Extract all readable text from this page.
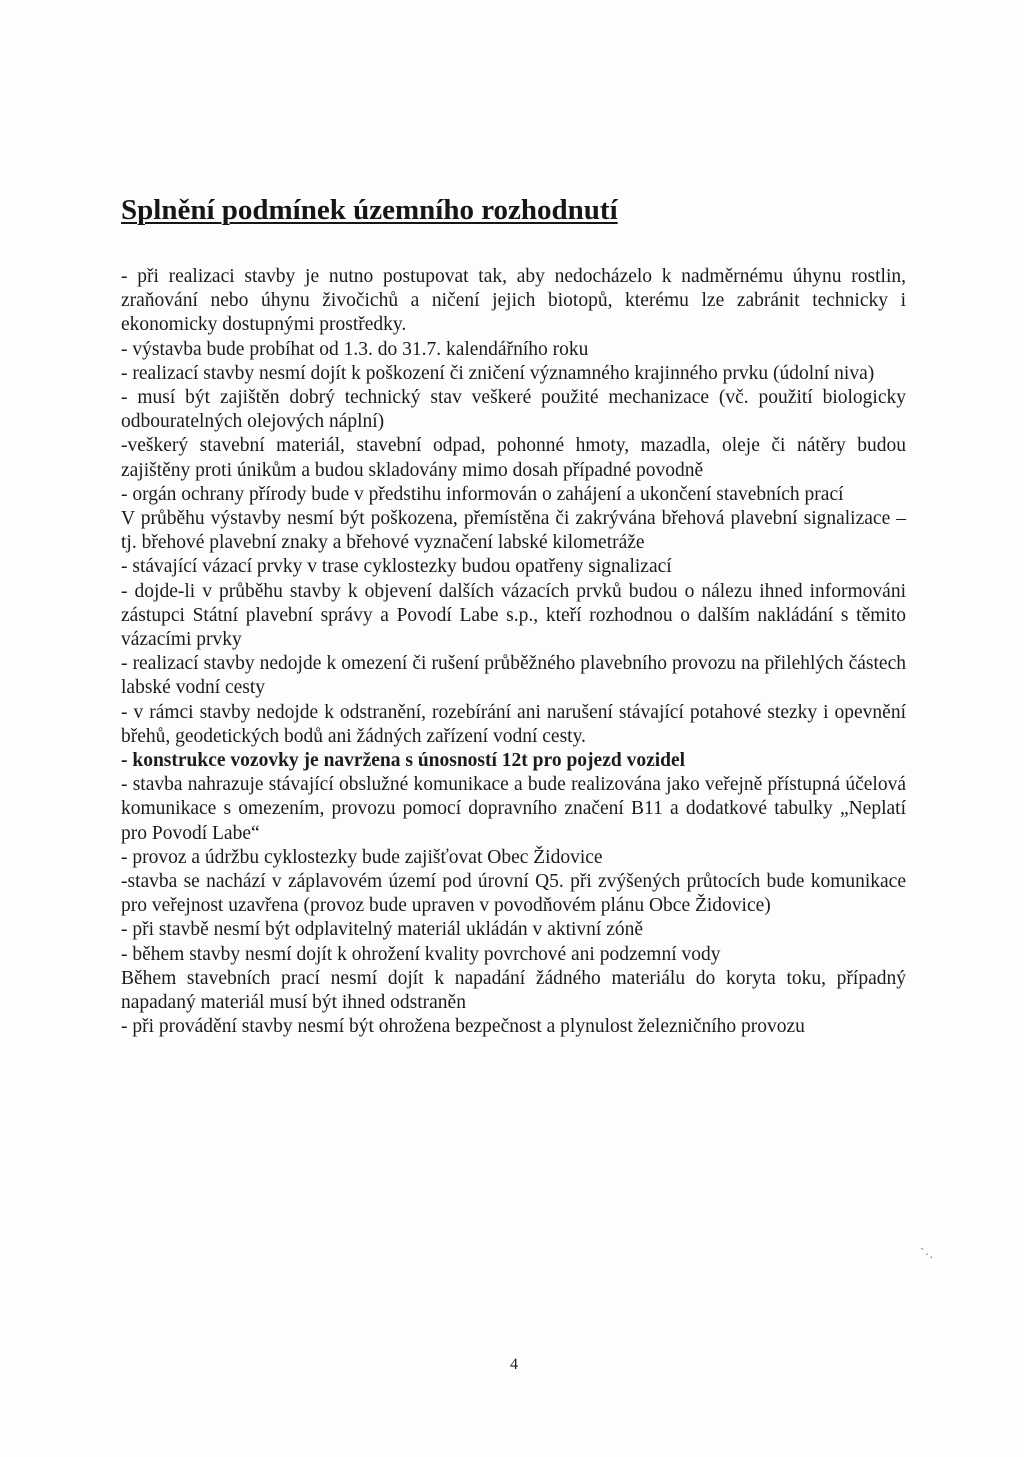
Splnění podmínek územního rozhodnutí

- při realizaci stavby je nutno postupovat tak, aby nedocházelo k nadměrnému úhynu rostlin, zraňování nebo úhynu živočichů a ničení jejich biotopů, kterému lze zabránit technicky i ekonomicky dostupnými prostředky.

- výstavba bude probíhat od 1.3. do 31.7. kalendářního roku

- realizací stavby nesmí dojít k poškození či zničení významného krajinného prvku (údolní niva)

- musí být zajištěn dobrý technický stav veškeré použité mechanizace (vč. použití biologicky odbouratelných olejových náplní)

-veškerý stavební materiál, stavební odpad, pohonné hmoty, mazadla, oleje či nátěry budou zajištěny proti únikům a budou skladovány mimo dosah případné povodně

- orgán ochrany přírody bude v předstihu informován o zahájení a ukončení stavebních prací

V průběhu výstavby nesmí být poškozena, přemístěna či zakrývána břehová plavební signalizace – tj. břehové plavební znaky a břehové vyznačení labské kilometráže

- stávající vázací prvky v trase cyklostezky budou opatřeny signalizací

- dojde-li v průběhu stavby k objevení dalších vázacích prvků budou o nálezu ihned informováni zástupci Státní plavební správy a Povodí Labe s.p., kteří rozhodnou o dalším nakládání s těmito vázacími prvky

- realizací stavby nedojde k omezení či rušení průběžného plavebního provozu na přilehlých částech labské vodní cesty

- v rámci stavby nedojde k odstranění, rozebírání ani narušení stávající potahové stezky i opevnění břehů, geodetických bodů ani žádných zařízení vodní cesty.

- konstrukce vozovky je navržena s únosností 12t pro pojezd vozidel

- stavba nahrazuje stávající obslužné komunikace a bude realizována jako veřejně přístupná účelová komunikace s omezením, provozu pomocí dopravního značení B11 a dodatkové tabulky „Neplatí pro Povodí Labe“

- provoz a údržbu cyklostezky bude zajišťovat Obec Židovice

-stavba se nachází v záplavovém území pod úrovní Q5. při zvýšených průtocích bude komunikace pro veřejnost uzavřena (provoz bude upraven v povodňovém plánu Obce Židovice)

- při stavbě nesmí být odplavitelný materiál ukládán v aktivní zóně

- během stavby nesmí dojít k ohrožení kvality povrchové ani podzemní vody

Během stavebních prací nesmí dojít k napadání žádného materiálu do koryta toku, případný napadaný materiál musí být ihned odstraněn

- při provádění stavby nesmí být ohrožena bezpečnost a plynulost železničního provozu

4
`·.
